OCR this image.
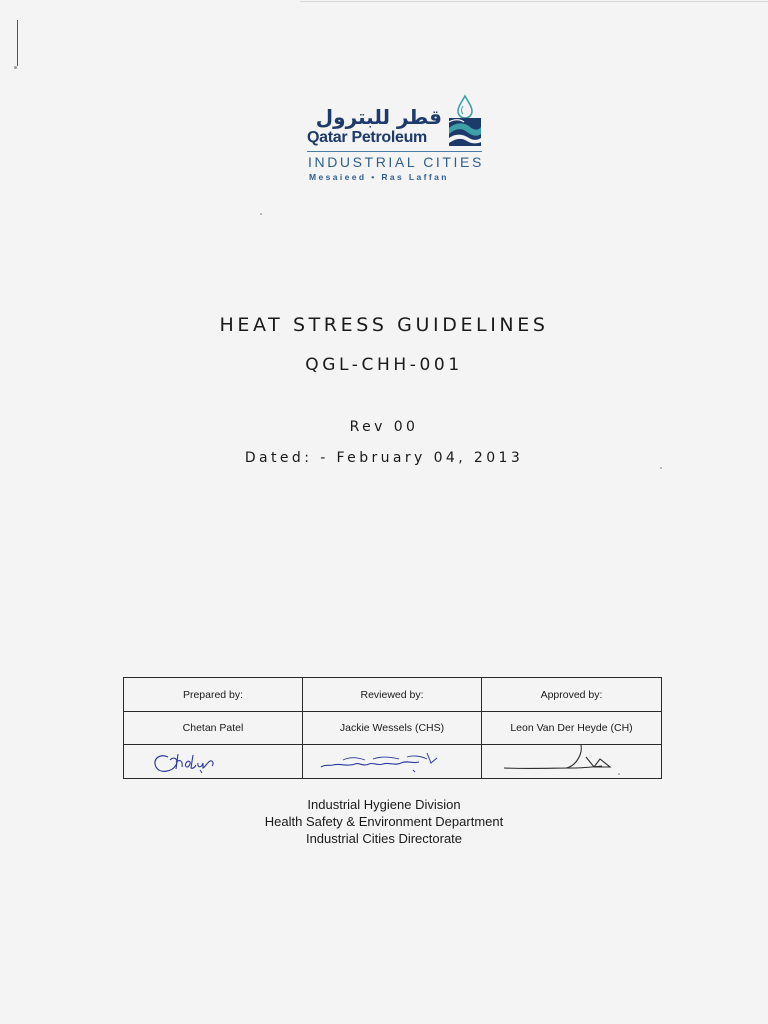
قطر للبترول
Qatar Petroleum
INDUSTRIAL CITIES
Mesaieed • Ras Laffan
HEAT STRESS GUIDELINES
QGL-CHH-001
Rev 00
Dated: - February 04, 2013
Prepared by:	Reviewed by:	Approved by:
Chetan Patel	Jackie Wessels (CHS)	Leon Van Der Heyde (CH)

Industrial Hygiene Division
Health Safety & Environment Department
Industrial Cities Directorate
